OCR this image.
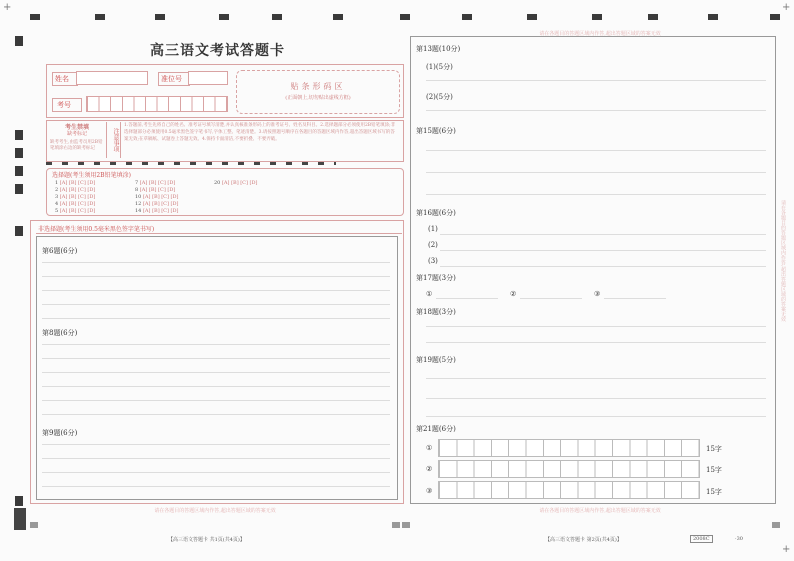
+	+
+
高三语文考试答题卡
姓名	准位号
考号
贴条形码区
(正面朝上,切勿贴出虚线方框)
考生禁填
缺考标记
缺考考生,由监考员用2B铅笔填涂右边的缺考标记	注意事项
1.答题前,考生先将自己的姓名、准考证号填写清楚,并认真核准条形码上的准考证号、姓名及科目。2.选择题部分必须使用2B铅笔填涂;非选择题部分必须使用0.5毫米黑色签字笔书写,字体工整、笔迹清楚。3.请按照题号顺序在各题目的答题区域内作答,超出答题区域书写的答案无效;在草稿纸、试题卷上答题无效。4.保持卡面清洁,不要折叠、不要弄破。
选择题(考生须用2B铅笔填涂)
1 [A] [B] [C] [D]
2 [A] [B] [C] [D]
3 [A] [B] [C] [D]
4 [A] [B] [C] [D]
5 [A] [B] [C] [D]
7 [A] [B] [C] [D]
8 [A] [B] [C] [D]
10 [A] [B] [C] [D]
12 [A] [B] [C] [D]
14 [A] [B] [C] [D]
20 [A] [B] [C] [D]
非选择题(考生须用0.5毫米黑色签字笔书写)
第6题(6分)
第8题(6分)
第9题(6分)
请在各题目的答题区域内作答,超出答题区域的答案无效
请在各题目的答题区域内作答,超出答题区域的答案无效
第13题(10分)
(1)(5分)
(2)(5分)
第15题(6分)
第16题(6分)
(1)
(2)
(3)
第17题(3分)
①	②	③
第18题(3分)
第19题(5分)
第21题(6分)
①	15字
②	15字
③	15字
请在各题目的答题区域内作答,超出答题区域的答案无效
请在各题目的答题区域内作答,超出答题区域的答案无效
【高三语文答题卡 共1页(共4页)】	【高三语文答题卡 第2页(共4页)】	2008C	·30
